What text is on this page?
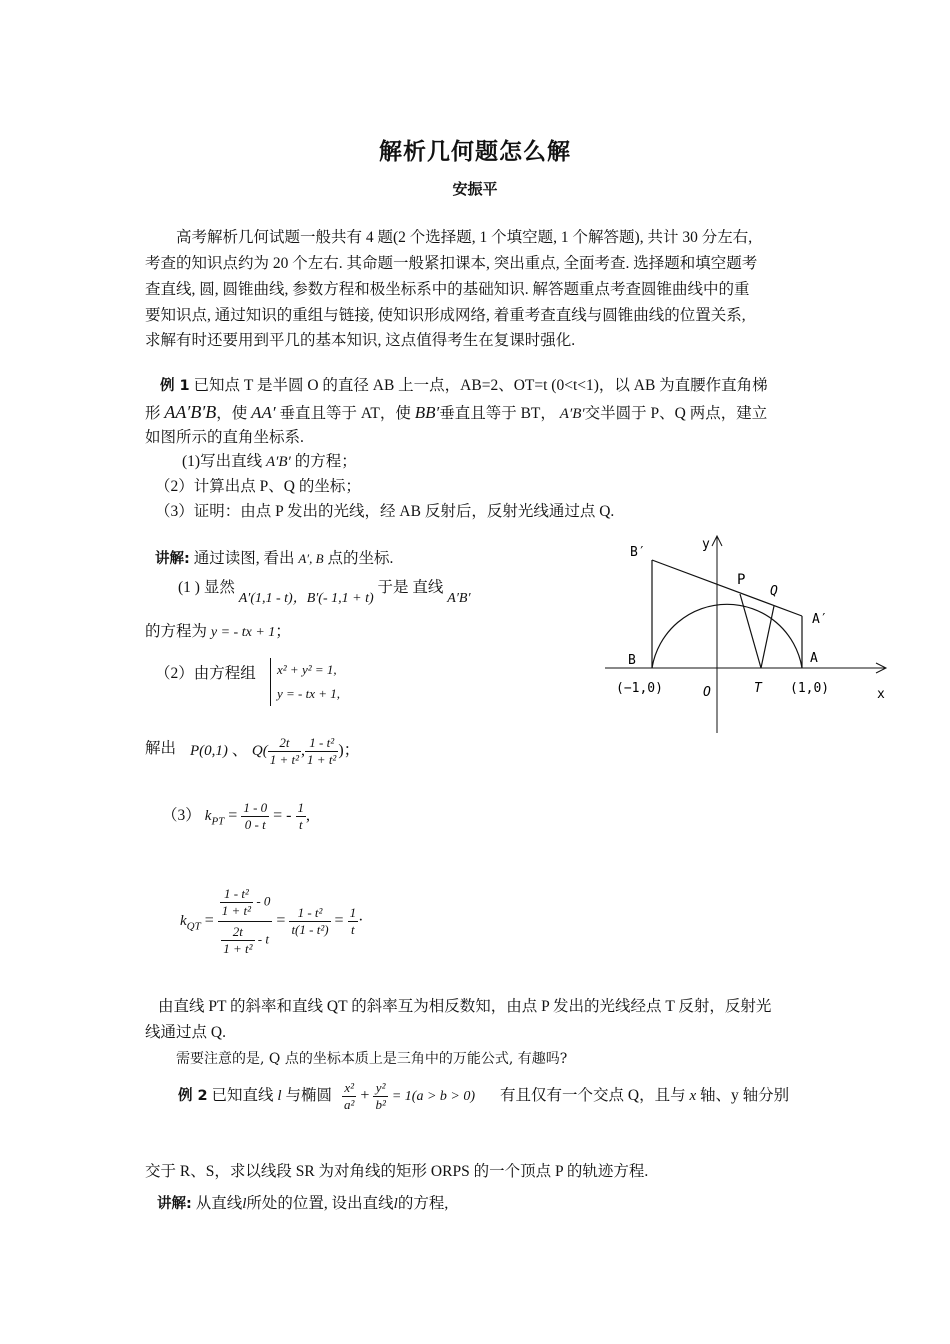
解析几何题怎么解
安振平
高考解析几何试题一般共有 4 题(2 个选择题, 1 个填空题, 1 个解答题), 共计 30 分左右,
考查的知识点约为 20 个左右. 其命题一般紧扣课本, 突出重点, 全面考查. 选择题和填空题考
查直线, 圆, 圆锥曲线, 参数方程和极坐标系中的基础知识. 解答题重点考查圆锥曲线中的重
要知识点, 通过知识的重组与链接, 使知识形成网络, 着重考查直线与圆锥曲线的位置关系,
求解有时还要用到平几的基本知识, 这点值得考生在复课时强化.
例 1 已知点 T 是半圆 O 的直径 AB 上一点，AB=2、OT=t (0<t<1)，以 AB 为直腰作直角梯
形 AA′B′B，使 AA′ 垂直且等于 AT，使 BB′垂直且等于 BT， A′B′交半圆于 P、Q 两点，建立
如图所示的直角坐标系.
(1)写出直线 A′B′ 的方程；
（2）计算出点 P、Q 的坐标；
（3）证明：由点 P 发出的光线，经 AB 反射后，反射光线通过点 Q.
讲解: 通过读图, 看出 A′, B 点的坐标.
(1 ) 显然 A′(1,1 - t)，B′(- 1,1 + t) 于是 直线 A′B′
的方程为 y = - tx + 1；
（2）由方程组 x² + y² = 1,
y = - tx + 1,
解出 P(0,1) 、 $Q( \frac{2t}{\text{1 + t²}}$ , $\frac{\text{1 - t²}}{\text{1 + t²}}$ )；
（3） $k_{PT} = \frac{1 - 0}{0 - t}$ = - $\frac{1}{t}$ ,
$k_{QT} = \frac{\frac{\text{1 - t²}}{\text{1 + t²}} - 0}{\frac{2t}{\text{1 + t²}} - t} = \frac{\text{1 - t²}}{\text{t(1 - t²)}} = \frac{1}{t}$ ·
由直线 PT 的斜率和直线 QT 的斜率互为相反数知，由点 P 发出的光线经点 T 反射，反射光
线通过点 Q.
需要注意的是, Q 点的坐标本质上是三角中的万能公式, 有趣吗?
例 2 已知直线 l 与椭圆 $\frac{\text{x²}}{\text{a²}} + \frac{\text{y²}}{\text{b²}} = 1(a > b > 0)$ 有且仅有一个交点 Q，且与 x 轴、y 轴分别
交于 R、S，求以线段 SR 为对角线的矩形 ORPS 的一个顶点 P 的轨迹方程.
讲解: 从直线l所处的位置, 设出直线l的方程,
B′
y
P
Q
A′
B	A
(−1,0)	O	T (1,0)	x
